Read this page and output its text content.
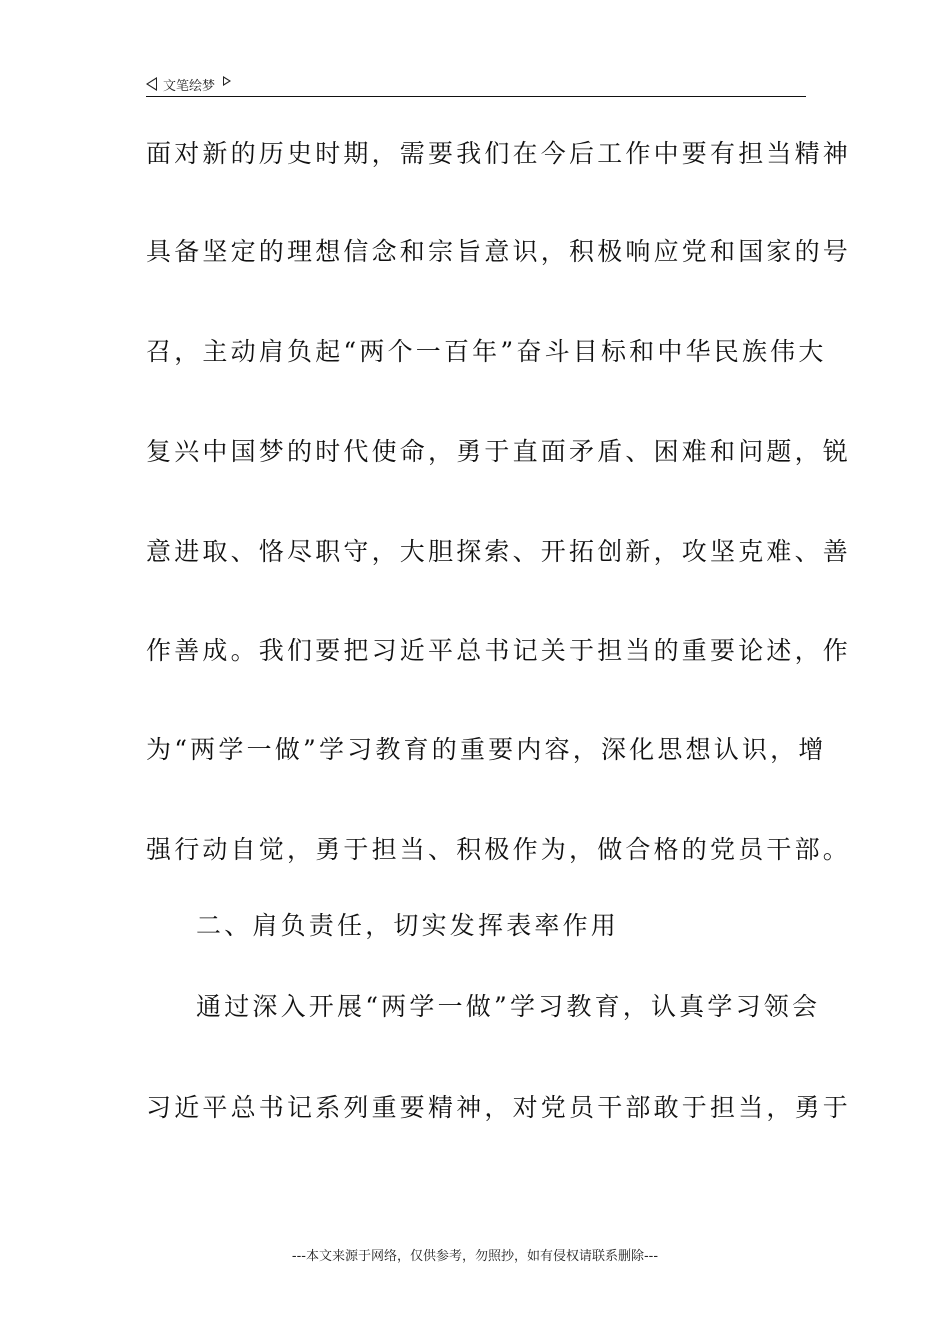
文笔绘梦
面对新的历史时期，需要我们在今后工作中要有担当精神
具备坚定的理想信念和宗旨意识，积极响应党和国家的号
召，主动肩负起“两个一百年”奋斗目标和中华民族伟大
复兴中国梦的时代使命，勇于直面矛盾、困难和问题，锐
意进取、恪尽职守，大胆探索、开拓创新，攻坚克难、善
作善成。我们要把习近平总书记关于担当的重要论述，作
为“两学一做”学习教育的重要内容，深化思想认识，增
强行动自觉，勇于担当、积极作为，做合格的党员干部。
二、肩负责任，切实发挥表率作用
通过深入开展“两学一做”学习教育，认真学习领会
习近平总书记系列重要精神，对党员干部敢于担当，勇于
---本文来源于网络，仅供参考，勿照抄，如有侵权请联系删除---
